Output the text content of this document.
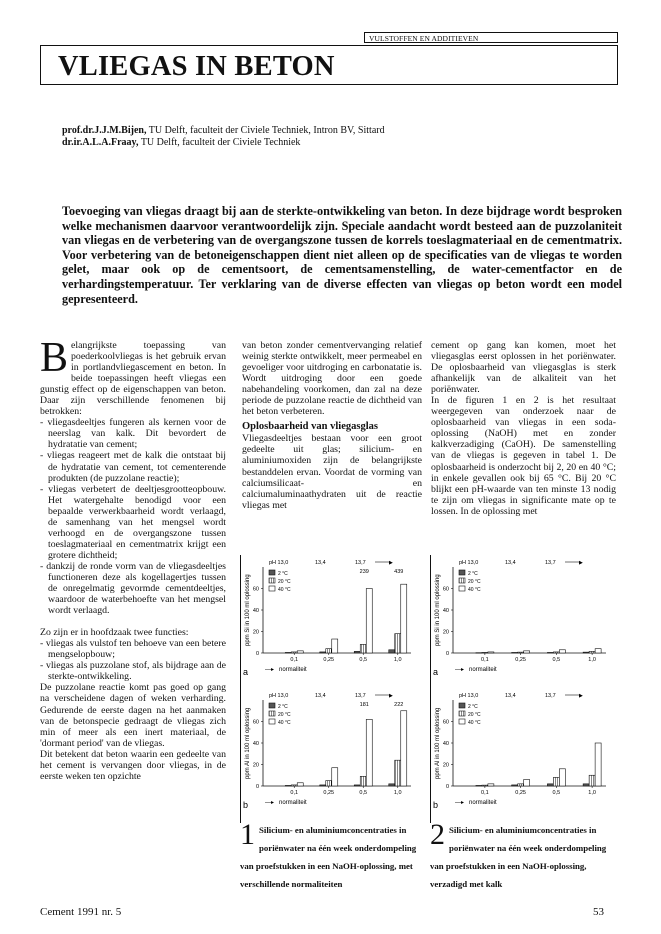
VULSTOFFEN EN ADDITIEVEN
VLIEGAS IN BETON
prof.dr.J.J.M.Bijen, TU Delft, faculteit der Civiele Techniek, Intron BV, Sittard
dr.ir.A.L.A.Fraay, TU Delft, faculteit der Civiele Techniek
Toevoeging van vliegas draagt bij aan de sterkte-ontwikkeling van beton. In deze bijdrage wordt besproken welke mechanismen daarvoor verantwoordelijk zijn. Speciale aandacht wordt besteed aan de puzzolaniteit van vliegas en de verbetering van de overgangszone tussen de korrels toeslagmateriaal en de cementmatrix. Voor verbetering van de betoneigenschappen dient niet alleen op de specificaties van de vliegas te worden gelet, maar ook op de cementsoort, de cementsamenstelling, de water-cementfactor en de verhardingstemperatuur. Ter verklaring van de diverse effecten van vliegas op beton wordt een model gepresenteerd.

Belangrijkste toepassing van poederkoolvliegas is het gebruik ervan in portlandvliegascement en beton. In beide toepassingen heeft vliegas een gunstig effect op de eigenschappen van beton. Daar zijn verschillende fenomenen bij betrokken:

- vliegasdeeltjes fungeren als kernen voor de neerslag van kalk. Dit bevordert de hydratatie van cement;

- vliegas reageert met de kalk die ontstaat bij de hydratatie van cement, tot cementerende produkten (de puzzolane reactie);

- vliegas verbetert de deeltjesgrootteopbouw. Het watergehalte benodigd voor een bepaalde verwerkbaarheid wordt verlaagd, de samenhang van het mengsel wordt verhoogd en de overgangszone tussen toeslagmateriaal en cementmatrix krijgt een grotere dichtheid;

- dankzij de ronde vorm van de vliegasdeeltjes functioneren deze als kogellagertjes tussen de onregelmatig gevormde cementdeeltjes, waardoor de waterbehoefte van het mengsel wordt verlaagd.

Zo zijn er in hoofdzaak twee functies:

- vliegas als vulstof ten behoeve van een betere mengselopbouw;

- vliegas als puzzolane stof, als bijdrage aan de sterkte-ontwikkeling.

De puzzolane reactie komt pas goed op gang na verscheidene dagen of weken verharding. Gedurende de eerste dagen na het aanmaken van de betonspecie gedraagt de vliegas zich min of meer als een inert materiaal, de 'dormant period' van de vliegas.

Dit betekent dat beton waarin een gedeelte van het cement is vervangen door vliegas, in de eerste weken ten opzichte

van beton zonder cementvervanging relatief weinig sterkte ontwikkelt, meer permeabel en gevoeliger voor uitdroging en carbonatatie is. Wordt uitdroging door een goede nabehandeling voorkomen, dan zal na deze periode de puzzolane reactie de dichtheid van het beton verbeteren.

Oplosbaarheid van vliegasglas

Vliegasdeeltjes bestaan voor een groot gedeelte uit glas; silicium- en aluminiumoxiden zijn de belangrijkste bestanddelen ervan. Voordat de vorming van calciumsilicaat- en calciumaluminaathydraten uit de reactie vliegas met

cement op gang kan komen, moet het vliegasglas eerst oplossen in het poriënwater. De oplosbaarheid van vliegasglas is sterk afhankelijk van de alkaliteit van het poriënwater.

In de figuren 1 en 2 is het resultaat weergegeven van onderzoek naar de oplosbaarheid van vliegas in een soda-oplossing (NaOH) met en zonder kalkverzadiging (CaOH). De samenstelling van de vliegas is gegeven in tabel 1. De oplosbaarheid is onderzocht bij 2, 20 en 40 °C; in enkele gevallen ook bij 65 °C. Bij 20 °C blijkt een pH-waarde van ten minste 13 nodig te zijn om vliegas in significante mate op te lossen. In de oplossing met

ppm Si in 100 ml oplossing
0
20
40
60
pH 13,0	13,4	13,7	▶
2 °C
20 °C
40 °C
0,1	0,25	0,5	1,0
239	439
a	—▸ normaliteit
ppm Al in 100 ml oplossing
0
20
40
60
pH 13,0	13,4	13,7	▶
2 °C
20 °C
40 °C
0,1	0,25	0,5	1,0
181	222
b	—▸ normaliteit
ppm Si in 100 ml oplossing
0
20
40
60
pH 13,0	13,4	13,7	▶
2 °C
20 °C
40 °C
0,1	0,25	0,5	1,0
a	—▸ normaliteit
ppm Al in 100 ml oplossing
0
20
40
60
pH 13,0	13,4	13,7	▶
2 °C
20 °C
40 °C
0,1	0,25	0,5	1,0
b	—▸ normaliteit
1 Silicium- en aluminiumconcentraties in poriënwater na één week onderdompeling van proefstukken in een NaOH-oplossing, met verschillende normaliteiten
2 Silicium- en aluminiumconcentraties in poriënwater na één week onderdompeling van proefstukken in een NaOH-oplossing, verzadigd met kalk
Cement 1991 nr. 5	53
